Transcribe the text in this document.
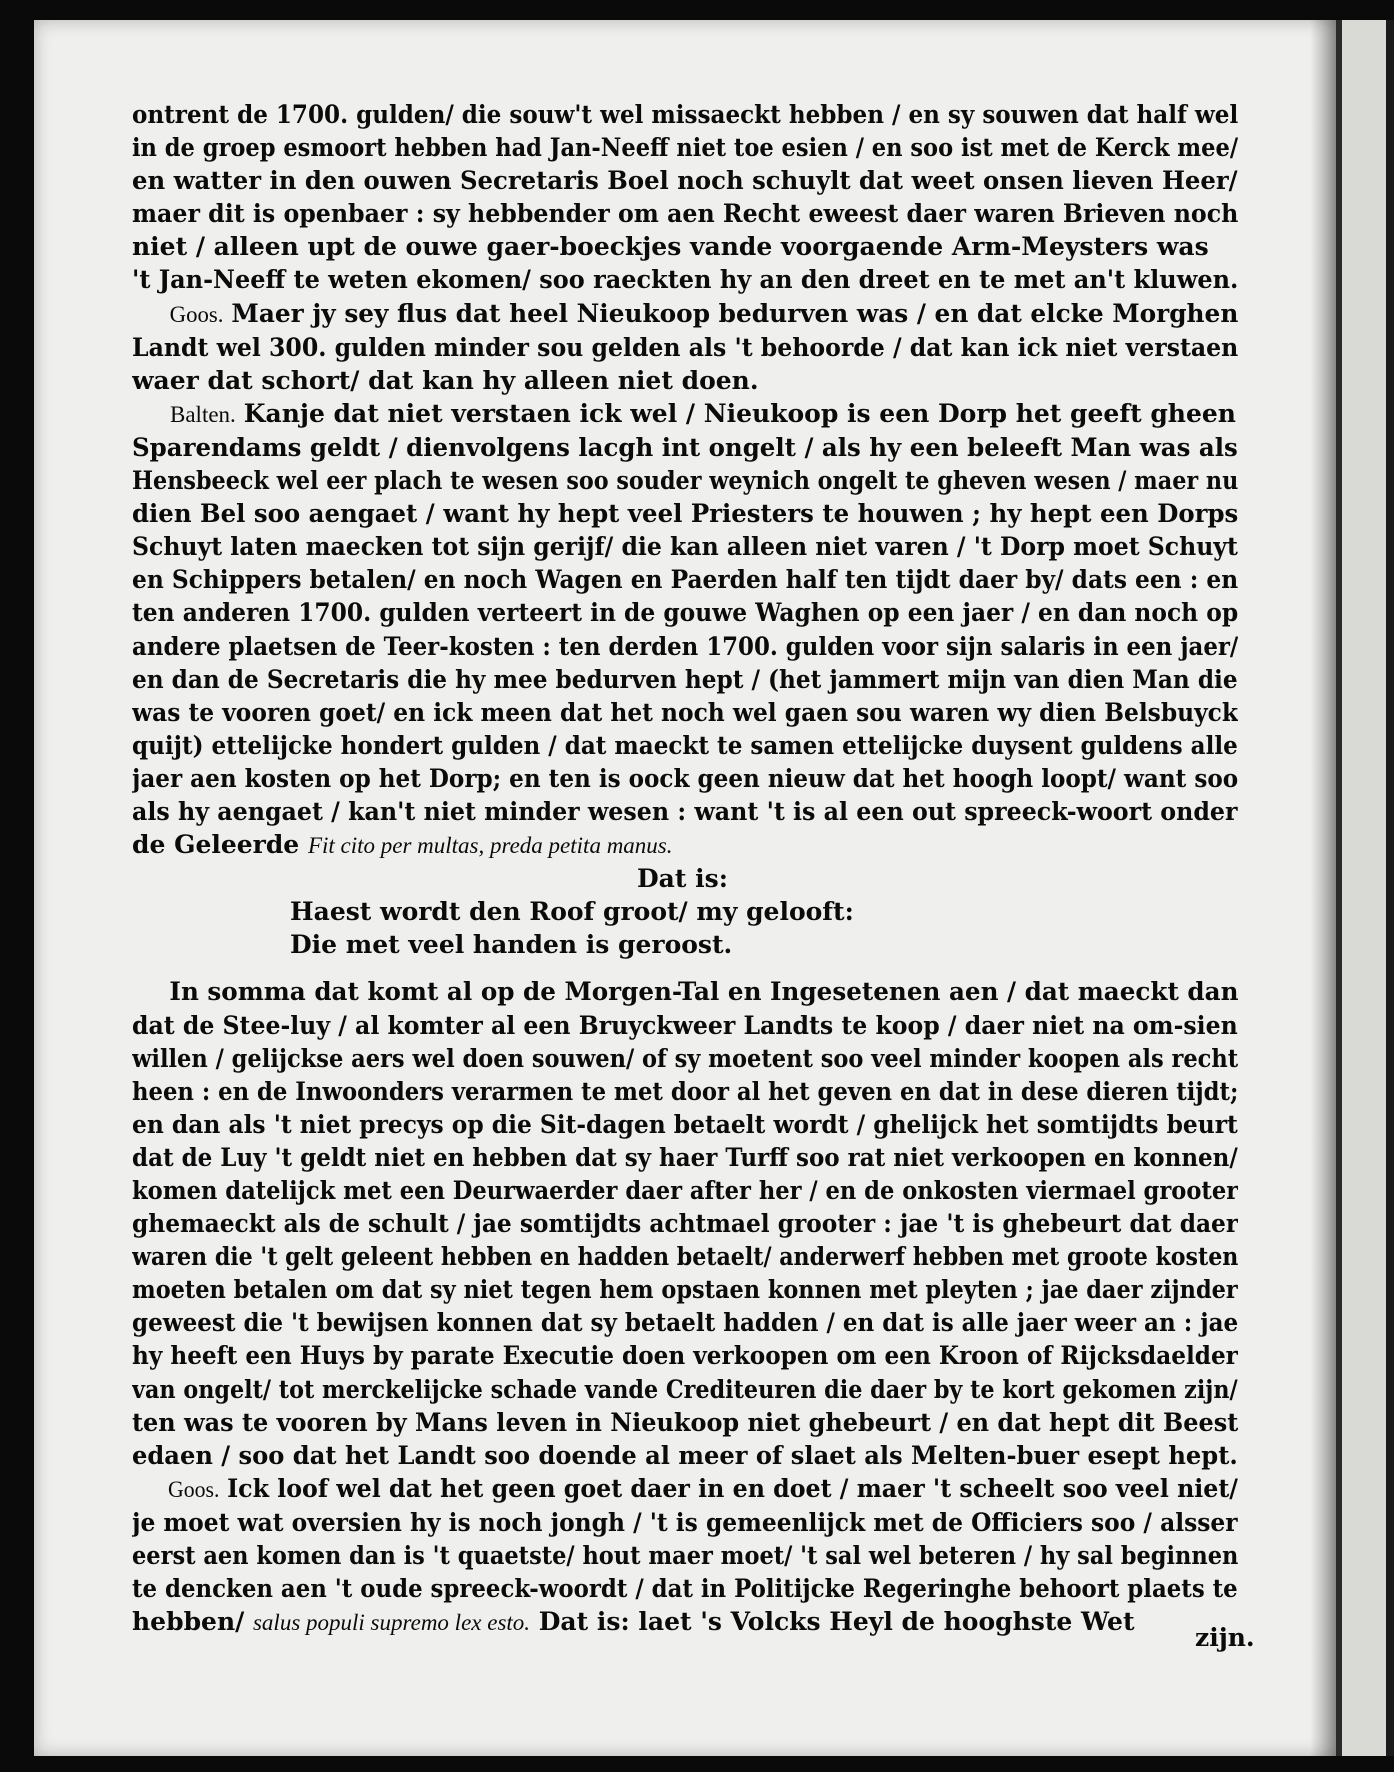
ontrent de 1700. gulden/ die souw't wel missaeckt hebben / en sy souwen dat half wel
in de groep esmoort hebben had Jan-Neeff niet toe esien / en soo ist met de Kerck mee/
en watter in den ouwen Secretaris Boel noch schuylt dat weet onsen lieven Heer/
maer dit is openbaer : sy hebbender om aen Recht eweest daer waren Brieven noch
niet / alleen upt de ouwe gaer-boeckjes vande voorgaende Arm-Meysters was
't Jan-Neeff te weten ekomen/ soo raeckten hy an den dreet en te met an't kluwen.
Goos. Maer jy sey flus dat heel Nieukoop bedurven was / en dat elcke Morghen
Landt wel 300. gulden minder sou gelden als 't behoorde / dat kan ick niet verstaen
waer dat schort/ dat kan hy alleen niet doen.
Balten. Kanje dat niet verstaen ick wel / Nieukoop is een Dorp het geeft gheen
Sparendams geldt / dienvolgens lacgh int ongelt / als hy een beleeft Man was als
Hensbeeck wel eer plach te wesen soo souder weynich ongelt te gheven wesen / maer nu
dien Bel soo aengaet / want hy hept veel Priesters te houwen ; hy hept een Dorps
Schuyt laten maecken tot sijn gerijf/ die kan alleen niet varen / 't Dorp moet Schuyt
en Schippers betalen/ en noch Wagen en Paerden half ten tijdt daer by/ dats een : en
ten anderen 1700. gulden verteert in de gouwe Waghen op een jaer / en dan noch op
andere plaetsen de Teer-kosten : ten derden 1700. gulden voor sijn salaris in een jaer/
en dan de Secretaris die hy mee bedurven hept / (het jammert mijn van dien Man die
was te vooren goet/ en ick meen dat het noch wel gaen sou waren wy dien Belsbuyck
quijt) ettelijcke hondert gulden / dat maeckt te samen ettelijcke duysent guldens alle
jaer aen kosten op het Dorp; en ten is oock geen nieuw dat het hoogh loopt/ want soo
als hy aengaet / kan't niet minder wesen : want 't is al een out spreeck-woort onder
de Geleerde Fit cito per multas, preda petita manus.
Dat is:
Haest wordt den Roof groot/ my gelooft:
Die met veel handen is geroost.
In somma dat komt al op de Morgen-Tal en Ingesetenen aen / dat maeckt dan
dat de Stee-luy / al komter al een Bruyckweer Landts te koop / daer niet na om-sien
willen / gelijckse aers wel doen souwen/ of sy moetent soo veel minder koopen als recht
heen : en de Inwoonders verarmen te met door al het geven en dat in dese dieren tijdt;
en dan als 't niet precys op die Sit-dagen betaelt wordt / ghelijck het somtijdts beurt
dat de Luy 't geldt niet en hebben dat sy haer Turff soo rat niet verkoopen en konnen/
komen datelijck met een Deurwaerder daer after her / en de onkosten viermael grooter
ghemaeckt als de schult / jae somtijdts achtmael grooter : jae 't is ghebeurt dat daer
waren die 't gelt geleent hebben en hadden betaelt/ anderwerf hebben met groote kosten
moeten betalen om dat sy niet tegen hem opstaen konnen met pleyten ; jae daer zijnder
geweest die 't bewijsen konnen dat sy betaelt hadden / en dat is alle jaer weer an : jae
hy heeft een Huys by parate Executie doen verkoopen om een Kroon of Rijcksdaelder
van ongelt/ tot merckelijcke schade vande Crediteuren die daer by te kort gekomen zijn/
ten was te vooren by Mans leven in Nieukoop niet ghebeurt / en dat hept dit Beest
edaen / soo dat het Landt soo doende al meer of slaet als Melten-buer esept hept.
Goos. Ick loof wel dat het geen goet daer in en doet / maer 't scheelt soo veel niet/
je moet wat oversien hy is noch jongh / 't is gemeenlijck met de Officiers soo / alsser
eerst aen komen dan is 't quaetste/ hout maer moet/ 't sal wel beteren / hy sal beginnen
te dencken aen 't oude spreeck-woordt / dat in Politijcke Regeringhe behoort plaets te
hebben/ salus populi supremo lex esto. Dat is: laet 's Volcks Heyl de hooghste Wet
zijn.
